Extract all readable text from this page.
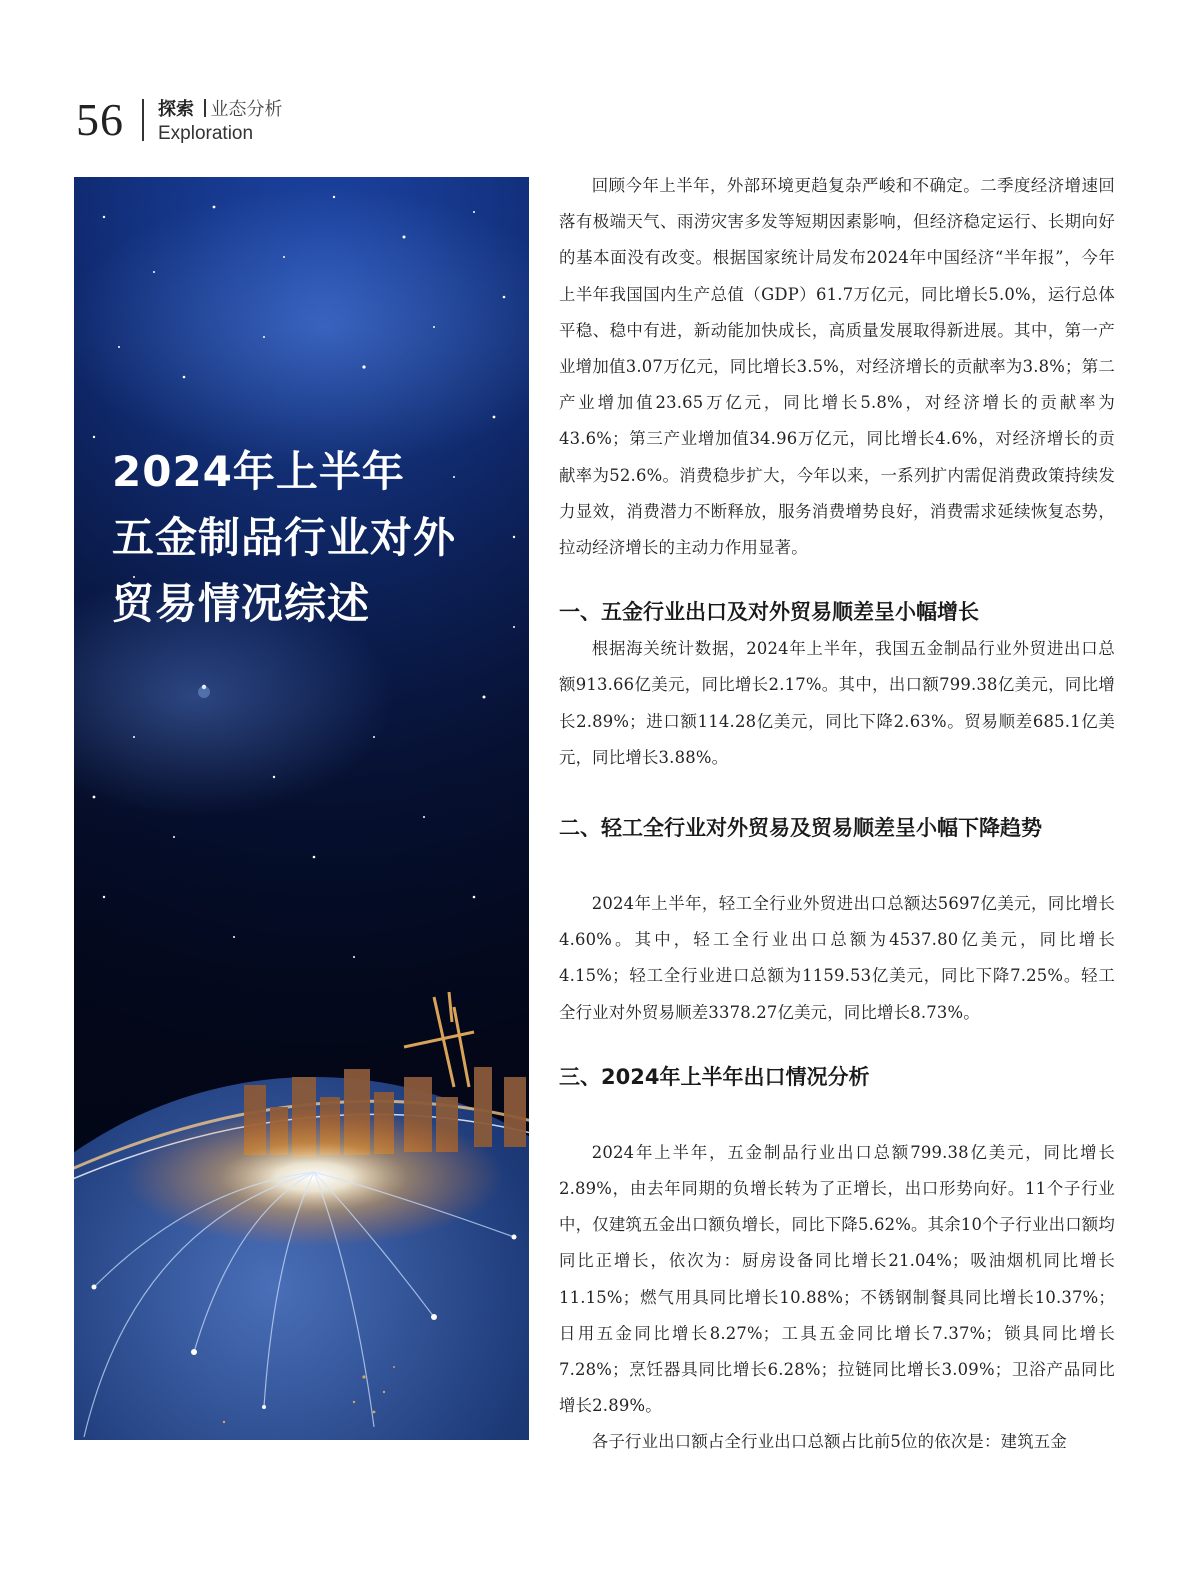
56 探索 业态分析
Exploration
2024年上半年
五金制品行业对外
贸易情况综述

回顾今年上半年，外部环境更趋复杂严峻和不确定。二季度经济增速回落有极端天气、雨涝灾害多发等短期因素影响，但经济稳定运行、长期向好的基本面没有改变。根据国家统计局发布2024年中国经济“半年报”，今年上半年我国国内生产总值（GDP）61.7万亿元，同比增长5.0%，运行总体平稳、稳中有进，新动能加快成长，高质量发展取得新进展。其中，第一产业增加值3.07万亿元，同比增长3.5%，对经济增长的贡献率为3.8%；第二产业增加值23.65万亿元，同比增长5.8%，对经济增长的贡献率为43.6%；第三产业增加值34.96万亿元，同比增长4.6%，对经济增长的贡献率为52.6%。消费稳步扩大，今年以来，一系列扩内需促消费政策持续发力显效，消费潜力不断释放，服务消费增势良好，消费需求延续恢复态势，拉动经济增长的主动力作用显著。

一、五金行业出口及对外贸易顺差呈小幅增长

根据海关统计数据，2024年上半年，我国五金制品行业外贸进出口总额913.66亿美元，同比增长2.17%。其中，出口额799.38亿美元，同比增长2.89%；进口额114.28亿美元，同比下降2.63%。贸易顺差685.1亿美元，同比增长3.88%。

二、轻工全行业对外贸易及贸易顺差呈小幅下降趋势

2024年上半年，轻工全行业外贸进出口总额达5697亿美元，同比增长4.60%。其中，轻工全行业出口总额为4537.80亿美元，同比增长4.15%；轻工全行业进口总额为1159.53亿美元，同比下降7.25%。轻工全行业对外贸易顺差3378.27亿美元，同比增长8.73%。

三、2024年上半年出口情况分析

2024年上半年，五金制品行业出口总额799.38亿美元，同比增长2.89%，由去年同期的负增长转为了正增长，出口形势向好。11个子行业中，仅建筑五金出口额负增长，同比下降5.62%。其余10个子行业出口额均同比正增长，依次为：厨房设备同比增长21.04%；吸油烟机同比增长11.15%；燃气用具同比增长10.88%；不锈钢制餐具同比增长10.37%；日用五金同比增长8.27%；工具五金同比增长7.37%；锁具同比增长7.28%；烹饪器具同比增长6.28%；拉链同比增长3.09%；卫浴产品同比增长2.89%。

各子行业出口额占全行业出口总额占比前5位的依次是：建筑五金
